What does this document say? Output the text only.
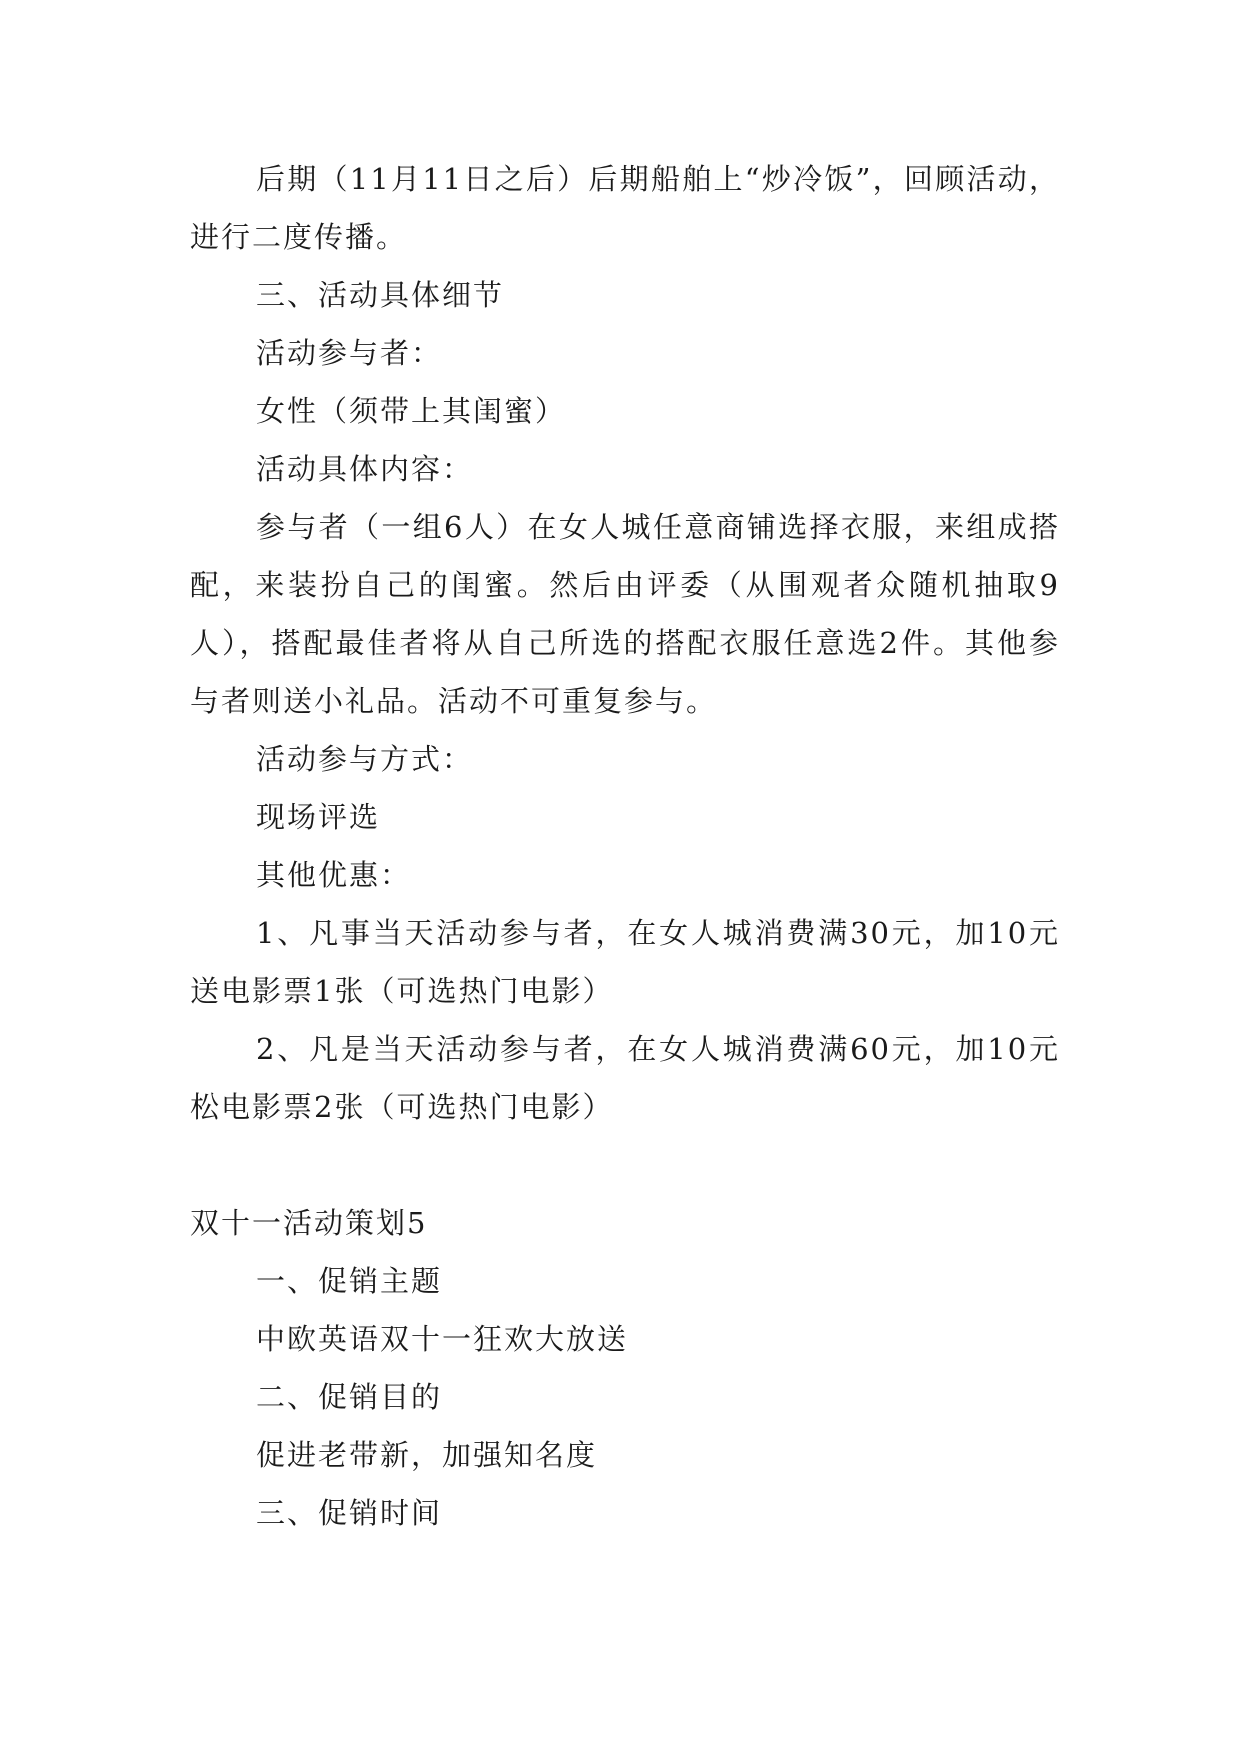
后期（11月11日之后）后期船舶上“炒冷饭”，回顾活动，进行二度传播。

三、活动具体细节

活动参与者：

女性（须带上其闺蜜）

活动具体内容：

参与者（一组6人）在女人城任意商铺选择衣服，来组成搭配，来装扮自己的闺蜜。然后由评委（从围观者众随机抽取9人），搭配最佳者将从自己所选的搭配衣服任意选2件。其他参与者则送小礼品。活动不可重复参与。

活动参与方式：

现场评选

其他优惠：

1、凡事当天活动参与者，在女人城消费满30元，加10元送电影票1张（可选热门电影）

2、凡是当天活动参与者，在女人城消费满60元，加10元松电影票2张（可选热门电影）

双十一活动策划5

一、促销主题

中欧英语双十一狂欢大放送

二、促销目的

促进老带新，加强知名度

三、促销时间
